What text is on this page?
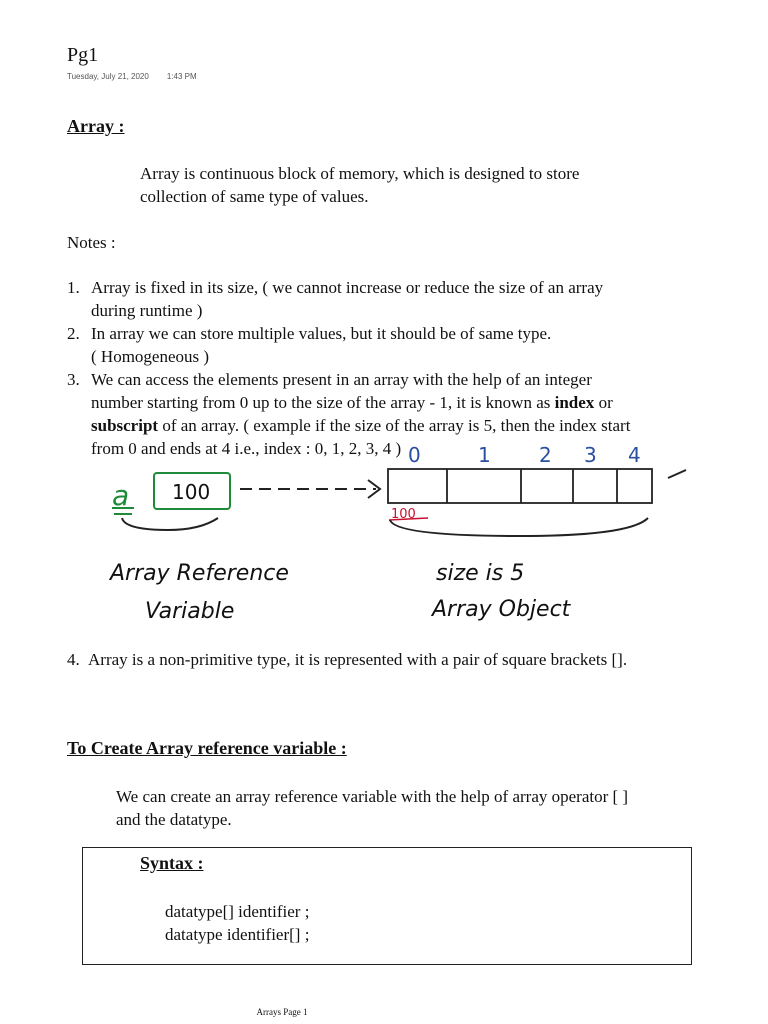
Pg1
Tuesday, July 21, 2020 1:43 PM
Array :
Array is continuous block of memory, which is designed to store
collection of same type of values.
Notes :
1. Array is fixed in its size, ( we cannot increase or reduce the size of an array
during runtime )
2. In array we can store multiple values, but it should be of same type.
( Homogeneous )
3. We can access the elements present in an array with the help of an integer
number starting from 0 up to the size of the array - 1, it is known as index or
subscript of an array. ( example if the size of the array is 5, then the index start
from 0 and ends at 4 i.e., index : 0, 1, 2, 3, 4 )
a 100
0	1 2 3 4
100
Array Reference
Variable
size is 5
Array Object
4. Array is a non-primitive type, it is represented with a pair of square brackets [].
To Create Array reference variable :
We can create an array reference variable with the help of array operator [ ]
and the datatype.
Syntax :
datatype[] identifier ;
datatype identifier[] ;
Arrays Page 1
